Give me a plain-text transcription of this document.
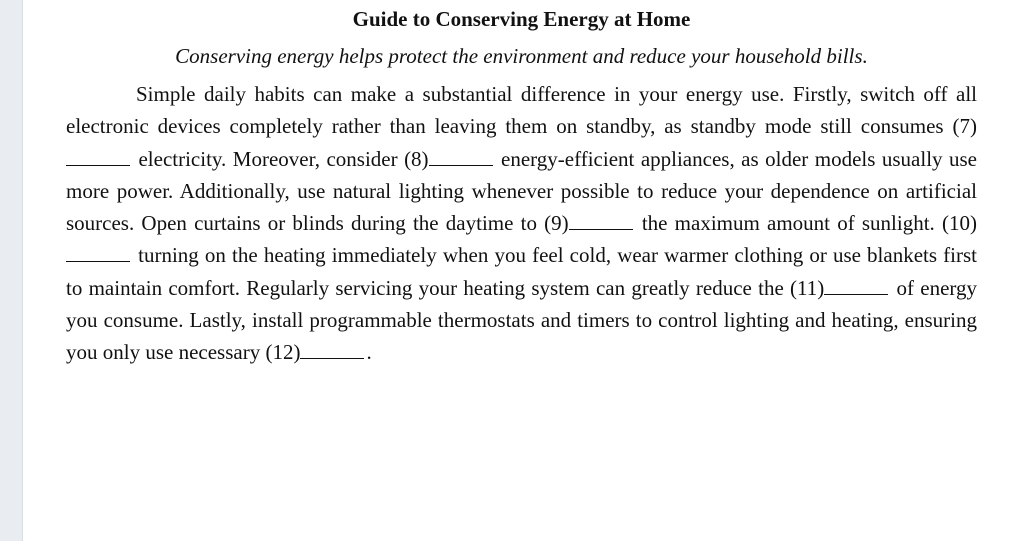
Guide to Conserving Energy at Home
Conserving energy helps protect the environment and reduce your household bills.

Simple daily habits can make a substantial difference in your energy use. Firstly, switch off all electronic devices completely rather than leaving them on standby, as standby mode still consumes (7) electricity. Moreover, consider (8)	energy-efficient appliances, as older models usually use more power. Additionally, use natural lighting whenever possible to reduce your dependence on artificial sources. Open curtains or blinds during the daytime to (9)	the maximum amount of sunlight. (10) turning on the heating immediately when you feel cold, wear warmer clothing or use blankets first to maintain comfort. Regularly servicing your heating system can greatly reduce the (11)	of energy you consume. Lastly, install programmable thermostats and timers to control lighting and heating, ensuring you only use necessary (12)	.
